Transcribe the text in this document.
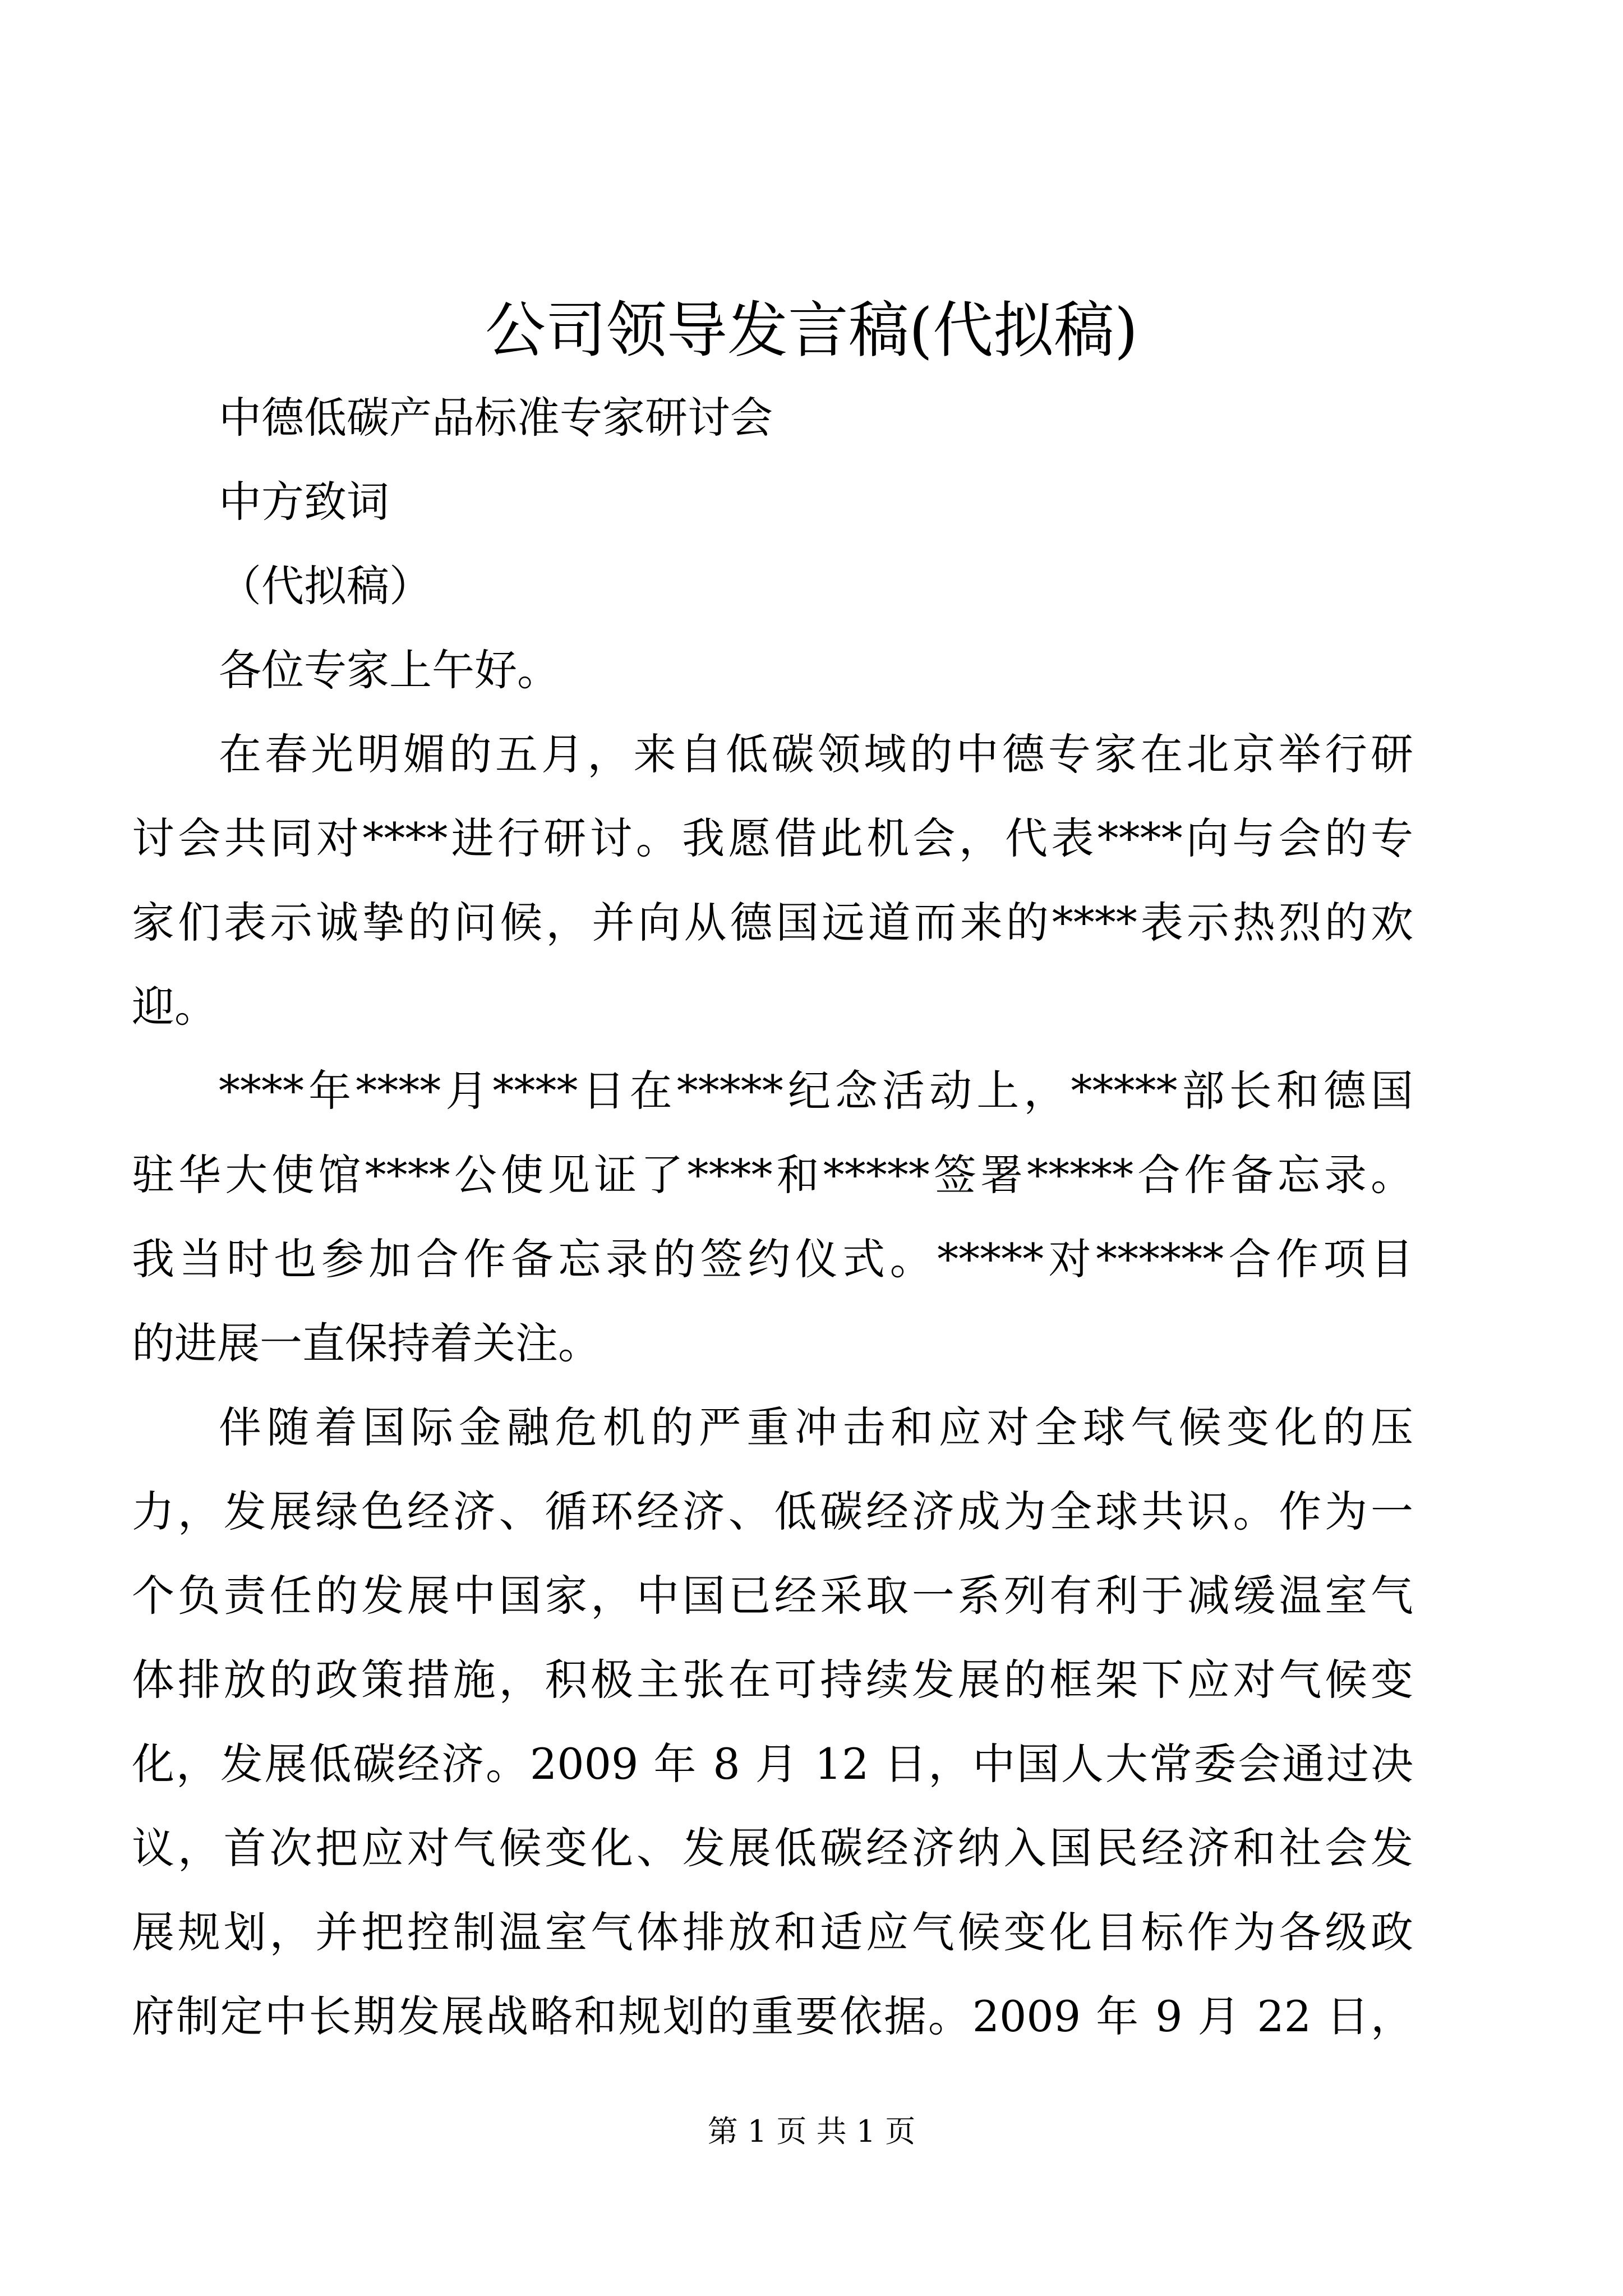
公司领导发言稿(代拟稿)

中德低碳产品标准专家研讨会

中方致词

（代拟稿）

各位专家上午好。

在春光明媚的五月，来自低碳领域的中德专家在北京举行研

讨会共同对****进行研讨。我愿借此机会，代表****向与会的专

家们表示诚挚的问候，并向从德国远道而来的****表示热烈的欢

迎。

****年****月****日在*****纪念活动上，*****部长和德国

驻华大使馆****公使见证了****和*****签署*****合作备忘录。

我当时也参加合作备忘录的签约仪式。*****对******合作项目

的进展一直保持着关注。

伴随着国际金融危机的严重冲击和应对全球气候变化的压

力，发展绿色经济、循环经济、低碳经济成为全球共识。作为一

个负责任的发展中国家，中国已经采取一系列有利于减缓温室气

体排放的政策措施，积极主张在可持续发展的框架下应对气候变

化，发展低碳经济。2009 年 8 月 12 日，中国人大常委会通过决

议，首次把应对气候变化、发展低碳经济纳入国民经济和社会发

展规划，并把控制温室气体排放和适应气候变化目标作为各级政

府制定中长期发展战略和规划的重要依据。2009 年 9 月 22 日，

第 1 页 共 1 页
